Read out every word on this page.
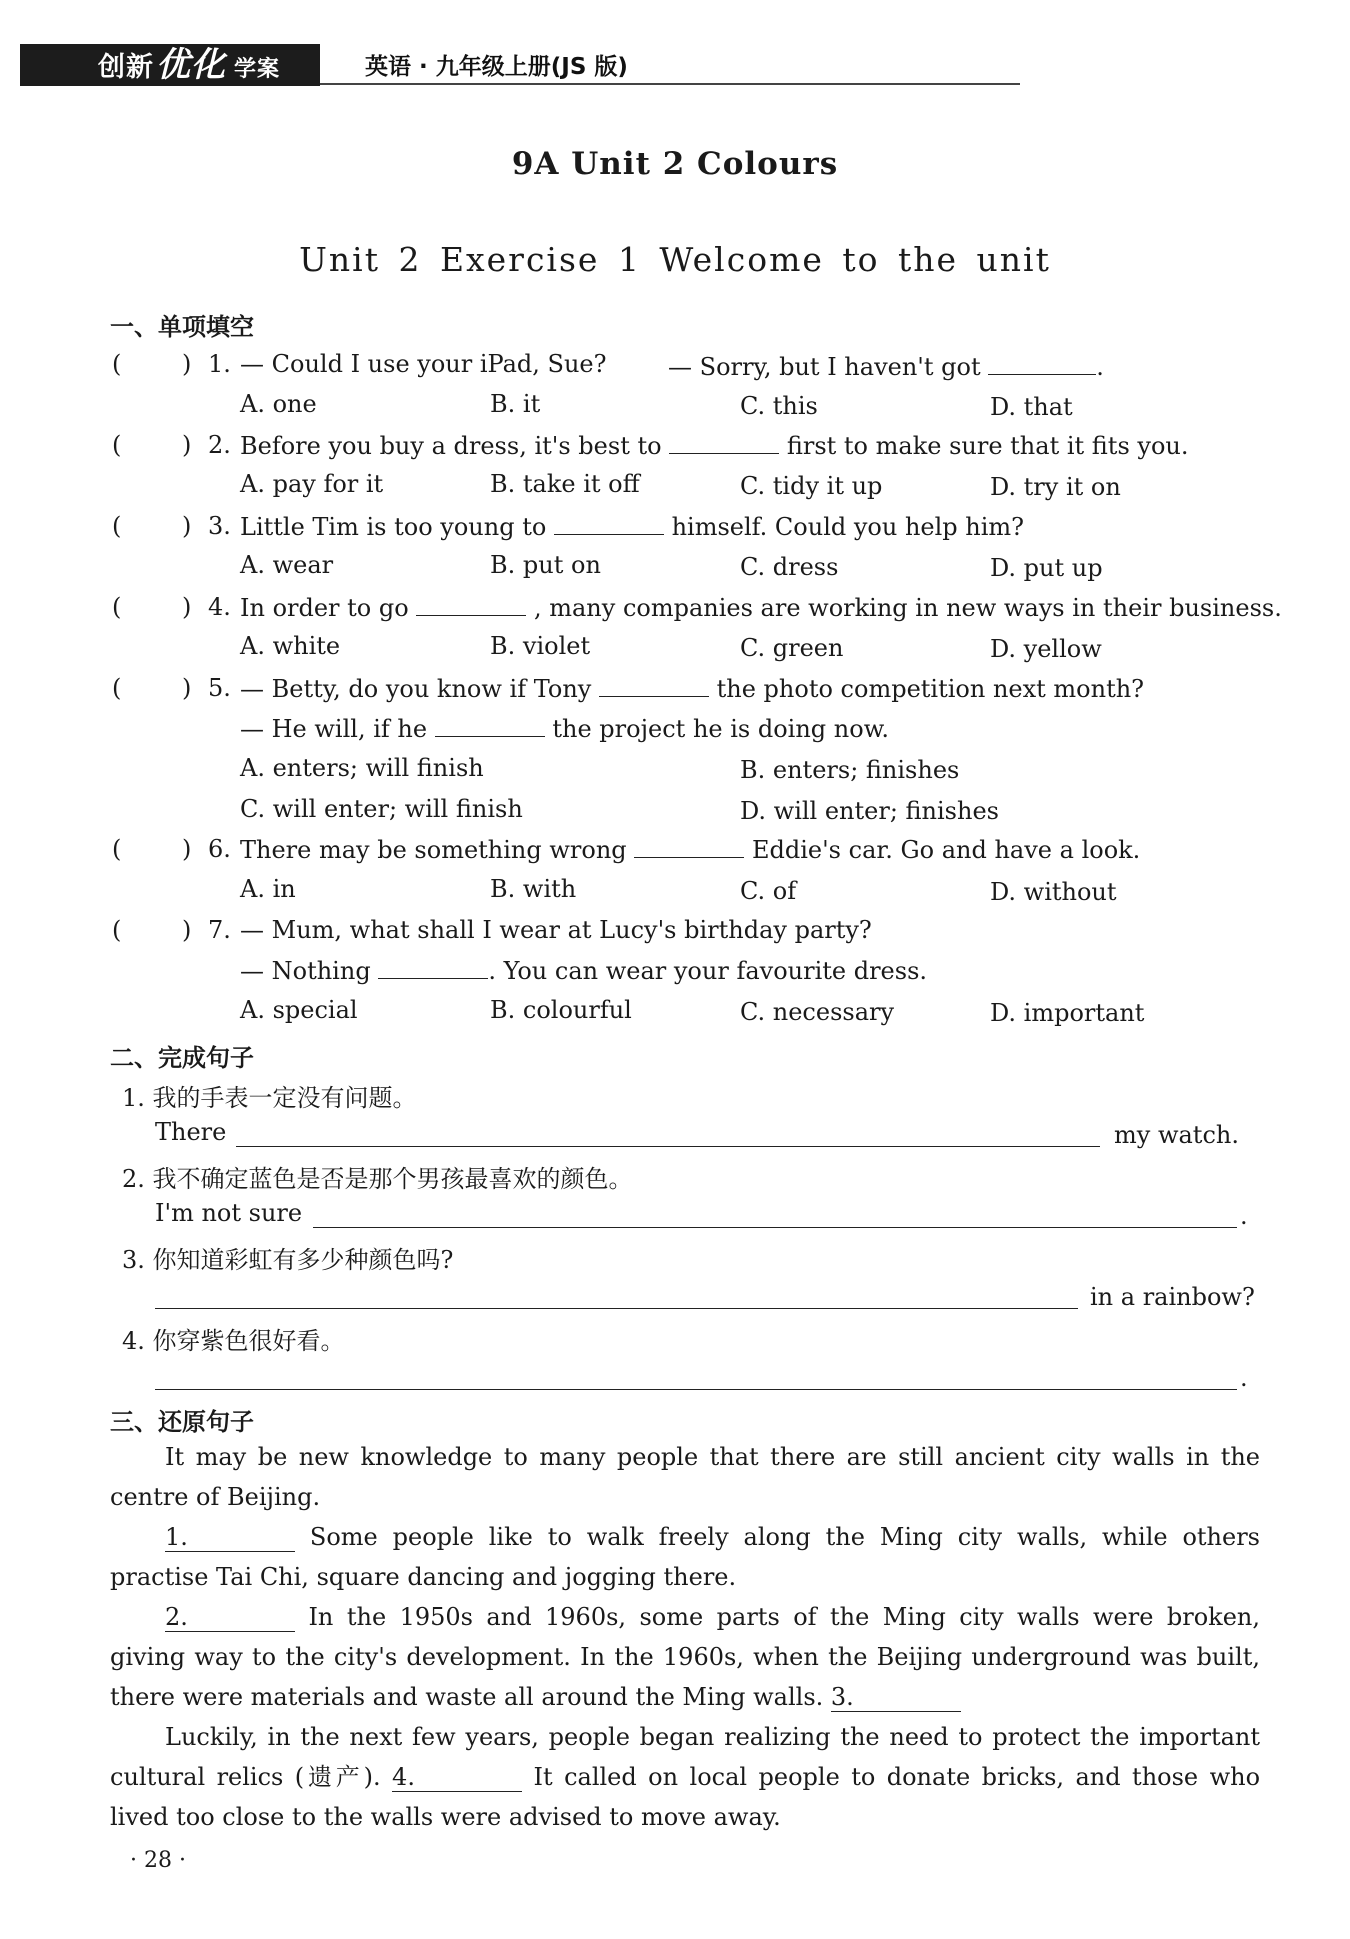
创新优化 学案	英语 · 九年级上册(JS 版)
9A Unit 2 Colours
Unit 2 Exercise 1 Welcome to the unit
一、单项填空
(	) 1. — Could I use your iPad, Sue?	— Sorry, but I haven't got	.
A. one	B. it	C. this	D. that
(	) 2. Before you buy a dress, it's best to	first to make sure that it fits you.
A. pay for it	B. take it off	C. tidy it up	D. try it on
(	) 3. Little Tim is too young to	himself. Could you help him?
A. wear	B. put on	C. dress	D. put up
(	) 4. In order to go	, many companies are working in new ways in their business.
A. white	B. violet	C. green	D. yellow
(	) 5. — Betty, do you know if Tony	the photo competition next month?
— He will, if he	the project he is doing now.
A. enters; will finish	B. enters; finishes
C. will enter; will finish	D. will enter; finishes
(	) 6. There may be something wrong	Eddie's car. Go and have a look.
A. in	B. with	C. of	D. without
(	) 7. — Mum, what shall I wear at Lucy's birthday party?
— Nothing	. You can wear your favourite dress.
A. special	B. colourful	C. necessary	D. important
二、完成句子
1. 我的手表一定没有问题。
There	my watch.
2. 我不确定蓝色是否是那个男孩最喜欢的颜色。
I'm not sure	.
3. 你知道彩虹有多少种颜色吗?
in a rainbow?
4. 你穿紫色很好看。
.
三、还原句子

It may be new knowledge to many people that there are still ancient city walls in the centre of Beijing.

1.	Some people like to walk freely along the Ming city walls, while others practise Tai Chi, square dancing and jogging there.

2.	In the 1950s and 1960s, some parts of the Ming city walls were broken, giving way to the city's development. In the 1960s, when the Beijing underground was built, there were materials and waste all around the Ming walls. 3.

Luckily, in the next few years, people began realizing the need to protect the important cultural relics (遗产). 4.	It called on local people to donate bricks, and those who lived too close to the walls were advised to move away.

· 28 ·
